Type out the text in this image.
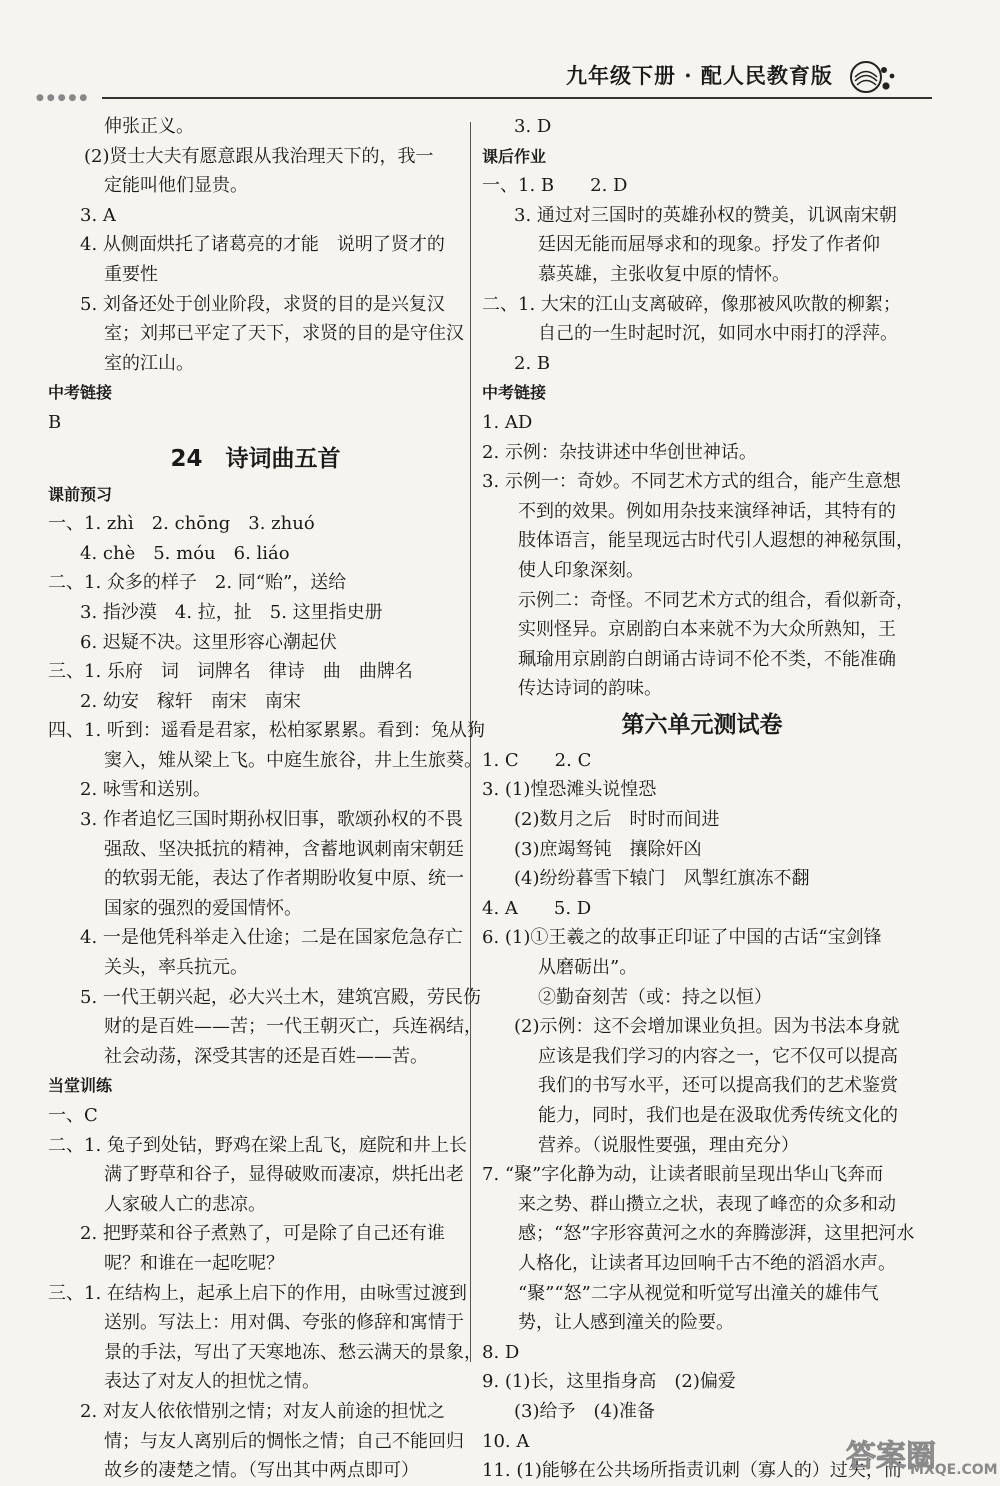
●●●●●
九年级下册 · 配人民教育版
伸张正义。
(2)贤士大夫有愿意跟从我治理天下的，我一
定能叫他们显贵。
3. A
4. 从侧面烘托了诸葛亮的才能　说明了贤才的
重要性
5. 刘备还处于创业阶段，求贤的目的是兴复汉
室；刘邦已平定了天下，求贤的目的是守住汉
室的江山。
中考链接
B
24　诗词曲五首
课前预习
一、1. zhì　2. chōng　3. zhuó
4. chè　5. móu　6. liáo
二、1. 众多的样子　2. 同“贻”，送给
3. 指沙漠　4. 拉，扯　5. 这里指史册
6. 迟疑不决。这里形容心潮起伏
三、1. 乐府　词　词牌名　律诗　曲　曲牌名
2. 幼安　稼轩　南宋　南宋
四、1. 听到：遥看是君家，松柏冢累累。看到：兔从狗
窦入，雉从梁上飞。中庭生旅谷，井上生旅葵。
2. 咏雪和送别。
3. 作者追忆三国时期孙权旧事，歌颂孙权的不畏
强敌、坚决抵抗的精神，含蓄地讽刺南宋朝廷
的软弱无能，表达了作者期盼收复中原、统一
国家的强烈的爱国情怀。
4. 一是他凭科举走入仕途；二是在国家危急存亡
关头，率兵抗元。
5. 一代王朝兴起，必大兴土木，建筑宫殿，劳民伤
财的是百姓——苦；一代王朝灭亡，兵连祸结，
社会动荡，深受其害的还是百姓——苦。
当堂训练
一、C
二、1. 兔子到处钻，野鸡在梁上乱飞，庭院和井上长
满了野草和谷子，显得破败而凄凉，烘托出老
人家破人亡的悲凉。
2. 把野菜和谷子煮熟了，可是除了自己还有谁
呢？和谁在一起吃呢？
三、1. 在结构上，起承上启下的作用，由咏雪过渡到
送别。写法上：用对偶、夸张的修辞和寓情于
景的手法，写出了天寒地冻、愁云满天的景象，
表达了对友人的担忧之情。
2. 对友人依依惜别之情；对友人前途的担忧之
情；与友人离别后的惆怅之情；自己不能回归
故乡的凄楚之情。（写出其中两点即可）
3. D
课后作业
一、1. B　　2. D
3. 通过对三国时的英雄孙权的赞美，讥讽南宋朝
廷因无能而屈辱求和的现象。抒发了作者仰
慕英雄，主张收复中原的情怀。
二、1. 大宋的江山支离破碎，像那被风吹散的柳絮；
自己的一生时起时沉，如同水中雨打的浮萍。
2. B
中考链接
1. AD
2. 示例：杂技讲述中华创世神话。
3. 示例一：奇妙。不同艺术方式的组合，能产生意想
不到的效果。例如用杂技来演绎神话，其特有的
肢体语言，能呈现远古时代引人遐想的神秘氛围，
使人印象深刻。
示例二：奇怪。不同艺术方式的组合，看似新奇，
实则怪异。京剧韵白本来就不为大众所熟知，王
珮瑜用京剧韵白朗诵古诗词不伦不类，不能准确
传达诗词的韵味。
第六单元测试卷
1. C　　2. C
3. (1)惶恐滩头说惶恐
(2)数月之后　时时而间进
(3)庶竭驽钝　攘除奸凶
(4)纷纷暮雪下辕门　风掣红旗冻不翻
4. A　　5. D
6. (1)①王羲之的故事正印证了中国的古话“宝剑锋
从磨砺出”。
②勤奋刻苦（或：持之以恒）
(2)示例：这不会增加课业负担。因为书法本身就
应该是我们学习的内容之一，它不仅可以提高
我们的书写水平，还可以提高我们的艺术鉴赏
能力，同时，我们也是在汲取优秀传统文化的
营养。（说服性要强，理由充分）
7. “聚”字化静为动，让读者眼前呈现出华山飞奔而
来之势、群山攒立之状，表现了峰峦的众多和动
感；“怒”字形容黄河之水的奔腾澎湃，这里把河水
人格化，让读者耳边回响千古不绝的滔滔水声。
“聚”“怒”二字从视觉和听觉写出潼关的雄伟气
势，让人感到潼关的险要。
8. D
9. (1)长，这里指身高　(2)偏爱
(3)给予　(4)准备
10. A
11. (1)能够在公共场所指责讥刺（寡人的）过失，而
答案圈
MXQE.COM
